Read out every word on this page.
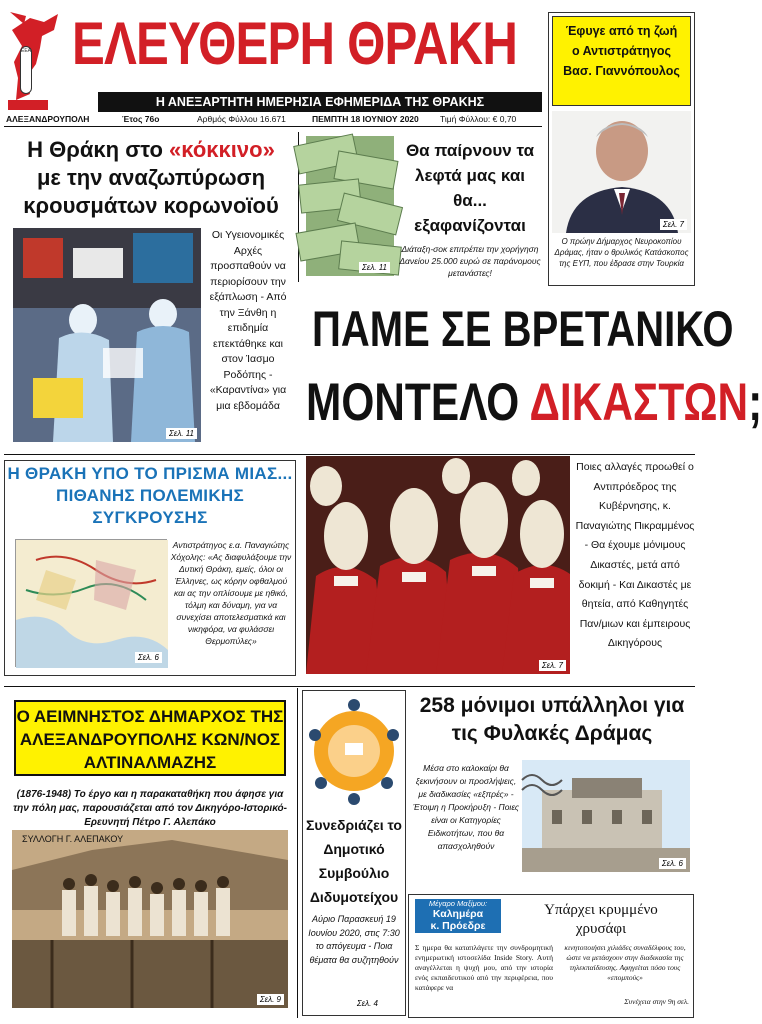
ΕΕΑ ΕΛΕΥΘΕΡΗ ΘΡΑΚΗ
Η ΑΝΕΞΑΡΤΗΤΗ ΗΜΕΡΗΣΙΑ ΕΦΗΜΕΡΙΔΑ ΤΗΣ ΘΡΑΚΗΣ
ΑΛΕΞΑΝΔΡΟΥΠΟΛΗ	Έτος 76ο	Αρθμός Φύλλου 16.671	ΠΕΜΠΤΗ 18 ΙΟΥΝΙΟΥ 2020 Τιμή Φύλλου: € 0,70
Έφυγε από τη ζωή
ο Αντιστράτηγος
Βασ. Γιαννόπουλος
Σελ. 7
Ο πρώην Δήμαρχος Νευροκοπίου Δράμας, ήταν ο θρυλικός Κατάσκοπος της ΕΥΠ, που έδρασε στην Τουρκία
Η Θράκη στο «κόκκινο»
με την αναζωπύρωση κρουσμάτων κορωνοϊού
Σελ. 11
Οι Υγειονομικές Αρχές προσπαθούν να περιορίσουν την εξάπλωση - Από την Ξάνθη η επιδημία επεκτάθηκε και στον Ίασμο Ροδόπης - «Καραντίνα» για μια εβδομάδα
Σελ. 11
Θα παίρνουν τα λεφτά μας και θα... εξαφανίζονται
Διάταξη-σοκ επιτρέπει την χορήγηση Δανείου 25.000 ευρώ σε παράνομους μετανάστες!
ΠΑΜΕ ΣΕ ΒΡΕΤΑΝΙΚΟ
ΜΟΝΤΕΛΟ ΔΙΚΑΣΤΩΝ;
Σελ. 7
Ποιες αλλαγές προωθεί ο Αντιπρόεδρος της Κυβέρνησης, κ. Παναγιώτης Πικραμμένος - Θα έχουμε μόνιμους Δικαστές, μετά από δοκιμή - Και Δικαστές με θητεία, από Καθηγητές Παν/μιων και έμπειρους Δικηγόρους
Η ΘΡΑΚΗ ΥΠΟ ΤΟ ΠΡΙΣΜΑ ΜΙΑΣ... ΠΙΘΑΝΗΣ ΠΟΛΕΜΙΚΗΣ ΣΥΓΚΡΟΥΣΗΣ
Σελ. 6
Αντιστράτηγος ε.α. Παναγιώτης Χόχολης: «Ας διαφυλάξουμε την Δυτική Θράκη, εμείς, όλοι οι Έλληνες, ως κόρην οφθαλμού και ας την οπλίσουμε με ηθικό, τόλμη και δύναμη, για να συνεχίσει αποτελεσματικά και νικηφόρα, να φυλάσσει Θερμοπύλες»
Ο ΑΕΙΜΝΗΣΤΟΣ ΔΗΜΑΡΧΟΣ ΤΗΣ ΑΛΕΞΑΝΔΡΟΥΠΟΛΗΣ ΚΩΝ/ΝΟΣ ΑΛΤΙΝΑΛΜΑΖΗΣ
(1876-1948) Το έργο και η παρακαταθήκη που άφησε για την πόλη μας, παρουσιάζεται από τον Δικηγόρο-Ιστορικό-Ερευνητή Πέτρο Γ. Αλεπάκο
ΣΥΛΛΟΓΗ Γ. ΑΛΕΠΑΚΟΥ
Σελ. 9
Συνεδριάζει το Δημοτικό Συμβούλιο Διδυμοτείχου
Αύριο Παρασκευή 19 Ιουνίου 2020, στις 7:30 το απόγευμα - Ποια θέματα θα συζητηθούν
Σελ. 4
258 μόνιμοι υπάλληλοι για τις Φυλακές Δράμας
Μέσα στο καλοκαίρι θα ξεκινήσουν οι προσλήψεις, με διαδικασίες «εξπρές» - Έτοιμη η Προκήρυξη - Ποιες είναι οι Κατηγορίες Ειδικοτήτων, που θα απασχοληθούν
Σελ. 6
Μέγαρο Μαξίμου:
Καλημέρα
κ. Πρόεδρε
Υπάρχει κρυμμένο
χρυσάφι
Σ ημερα θα καταπλάγετε την συνδρομητική ενημερωτική ιστοσελίδα Inside Story. Αυτή αναγέλλεται η ψυχή μου, από την ιστορία ενός εκπαιδευτικού από την περιφέρεια, που κατάφερε να
κινητοποιήσει χιλιάδες συναδέλφους του, ώστε να μετάσχουν στην διαδικασία της τηλεκπαίδευσης. Αφηγείται πόσο τους «επομπούς»
Συνέχεια στην 9η σελ.
